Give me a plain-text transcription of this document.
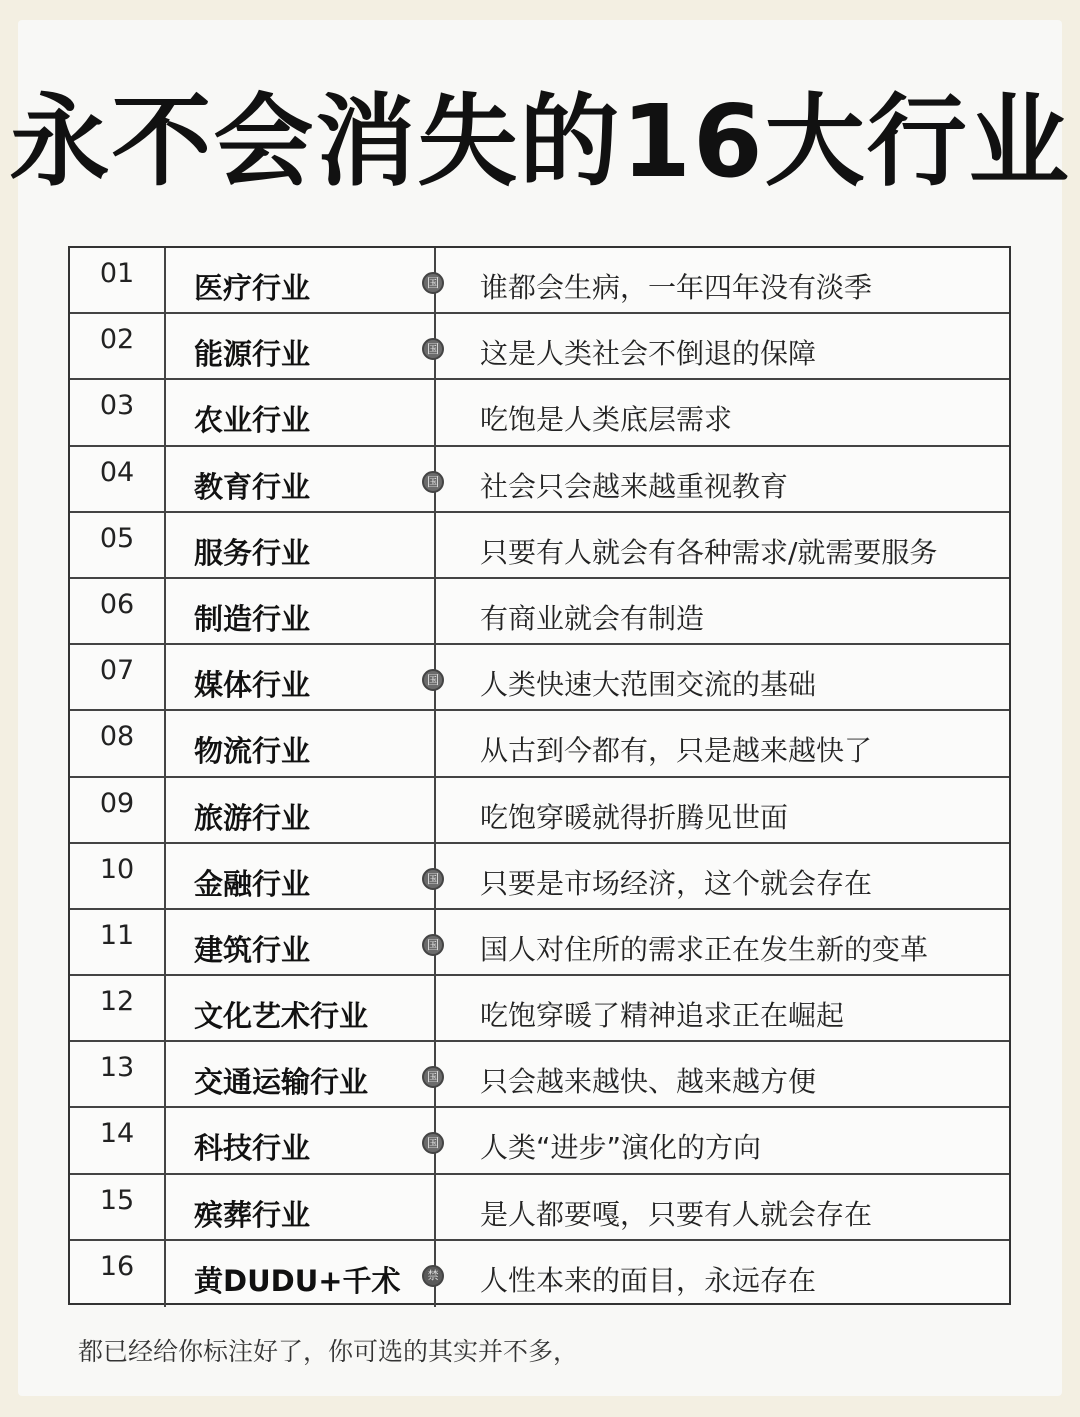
永不会消失的16大行业
01	医疗行业	国 谁都会生病，一年四年没有淡季
02	能源行业	国 这是人类社会不倒退的保障
03	农业行业	吃饱是人类底层需求
04	教育行业	国 社会只会越来越重视教育
05	服务行业	只要有人就会有各种需求/就需要服务
06	制造行业	有商业就会有制造
07	媒体行业	国 人类快速大范围交流的基础
08	物流行业	从古到今都有，只是越来越快了
09	旅游行业	吃饱穿暖就得折腾见世面
10	金融行业	国 只要是市场经济，这个就会存在
11	建筑行业	国 国人对住所的需求正在发生新的变革
12	文化艺术行业	吃饱穿暖了精神追求正在崛起
13	交通运输行业	国 只会越来越快、越来越方便
14	科技行业	国 人类“进步”演化的方向
15	殡葬行业	是人都要嘎，只要有人就会存在
16	黄DUDU+千术	禁 人性本来的面目，永远存在
都已经给你标注好了，你可选的其实并不多，
